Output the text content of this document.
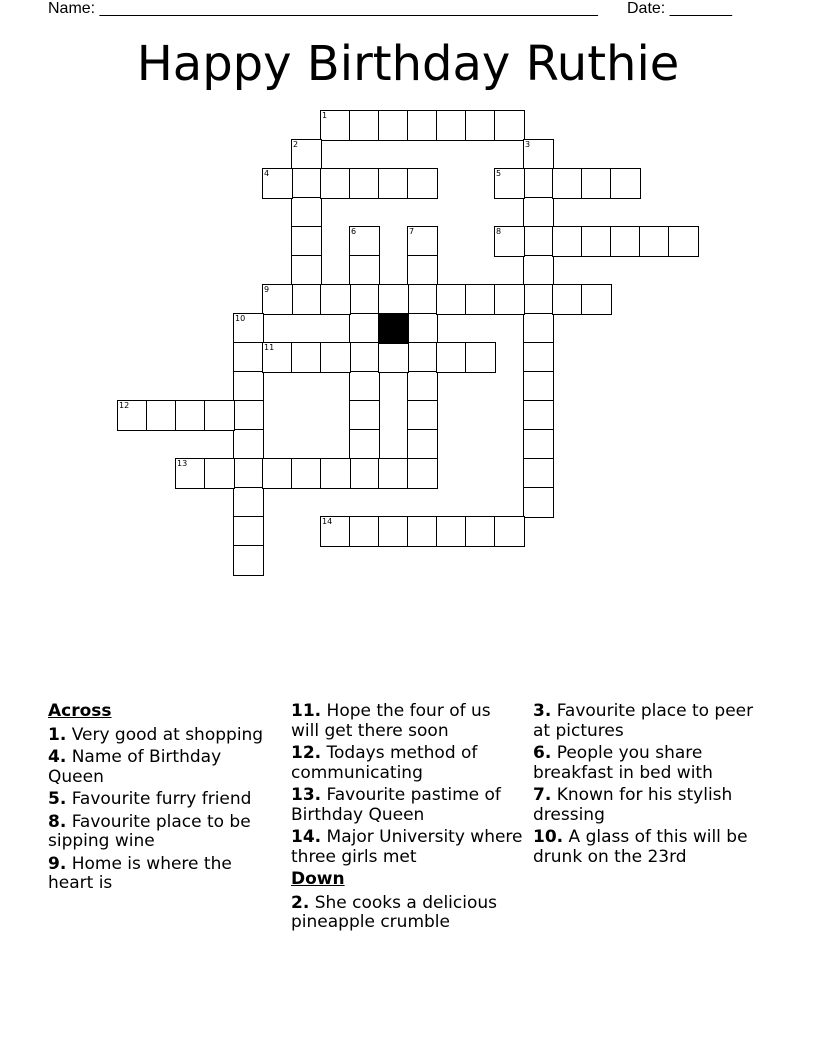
Name: ________________________________________________________ Date: _______
Happy Birthday Ruthie
1
2	3
4	5
6	7	8
9
10
11
12
13
14
Across
1. Very good at shopping
4. Name of Birthday Queen
5. Favourite furry friend
8. Favourite place to be sipping wine
9. Home is where the heart is
11. Hope the four of us will get there soon
12. Todays method of communicating
13. Favourite pastime of Birthday Queen
14. Major University where three girls met
Down
2. She cooks a delicious pineapple crumble
3. Favourite place to peer at pictures
6. People you share breakfast in bed with
7. Known for his stylish dressing
10. A glass of this will be drunk on the 23rd
